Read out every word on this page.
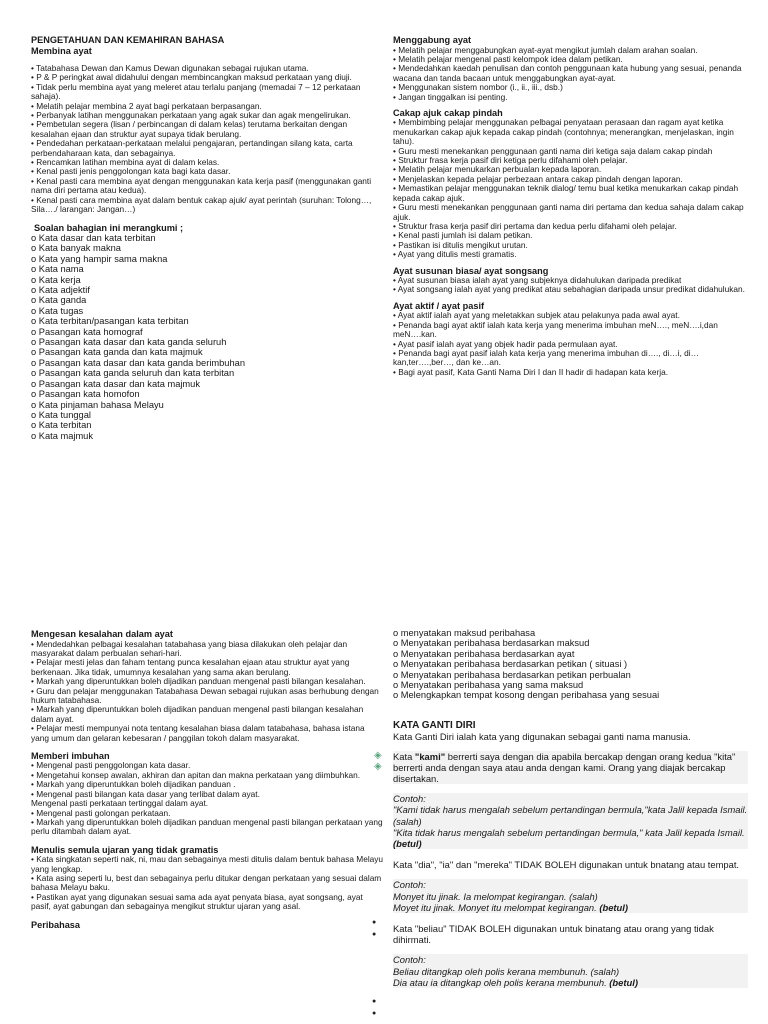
PENGETAHUAN DAN KEMAHIRAN BAHASA

Membina ayat

• Tatabahasa Dewan dan Kamus Dewan digunakan sebagai rujukan utama.
• P & P peringkat awal didahului dengan membincangkan maksud perkataan yang diuji.
• Tidak perlu membina ayat yang meleret atau terlalu panjang (memadai 7 – 12 perkataan sahaja).
• Melatih pelajar membina 2 ayat bagi perkataan berpasangan.
• Perbanyak latihan menggunakan perkataan yang agak sukar dan agak mengelirukan.
• Pembetulan segera (lisan / perbincangan di dalam kelas) terutama berkaitan dengan kesalahan ejaan dan struktur ayat supaya tidak berulang.
• Pendedahan perkataan-perkataan melalui pengajaran, pertandingan silang kata, carta perbendaharaan kata, dan sebagainya.
• Rencamkan latihan membina ayat di dalam kelas.
• Kenal pasti jenis penggolongan kata bagi kata dasar.
• Kenal pasti cara membina ayat dengan menggunakan kata kerja pasif (menggunakan ganti nama diri pertama atau kedua).
• Kenal pasti cara membina ayat dalam bentuk cakap ajuk/ ayat perintah (suruhan: Tolong…, Sila…./ larangan: Jangan…)

Soalan bahagian ini merangkumi ;

o Kata dasar dan kata terbitan
o Kata banyak makna
o Kata yang hampir sama makna
o Kata nama
o Kata kerja
o Kata adjektif
o Kata ganda
o Kata tugas
o Kata terbitan/pasangan kata terbitan
o Pasangan kata homograf
o Pasangan kata dasar dan kata ganda seluruh
o Pasangan kata ganda dan kata majmuk
o Pasangan kata dasar dan kata ganda berimbuhan
o Pasangan kata ganda seluruh dan kata terbitan
o Pasangan kata dasar dan kata majmuk
o Pasangan kata homofon
o Kata pinjaman bahasa Melayu
o Kata tunggal
o Kata terbitan
o Kata majmuk

Menggabung ayat

• Melatih pelajar menggabungkan ayat-ayat mengikut jumlah dalam arahan soalan.
• Melatih pelajar mengenal pasti kelompok idea dalam petikan.
• Mendedahkan kaedah penulisan dan contoh penggunaan kata hubung yang sesuai, penanda wacana dan tanda bacaan untuk menggabungkan ayat-ayat.
• Menggunakan sistem nombor (i., ii., iii., dsb.)
• Jangan tinggalkan isi penting.

Cakap ajuk cakap pindah

• Membimbing pelajar menggunakan pelbagai penyataan perasaan dan ragam ayat ketika menukarkan cakap ajuk kepada cakap pindah (contohnya; menerangkan, menjelaskan, ingin tahu).
• Guru mesti menekankan penggunaan ganti nama diri ketiga saja dalam cakap pindah
• Struktur frasa kerja pasif diri ketiga perlu difahami oleh pelajar.
• Melatih pelajar menukarkan perbualan kepada laporan.
• Menjelaskan kepada pelajar perbezaan antara cakap pindah dengan laporan.
• Memastikan pelajar menggunakan teknik dialog/ temu bual ketika menukarkan cakap pindah kepada cakap ajuk.
• Guru mesti menekankan penggunaan ganti nama diri pertama dan kedua sahaja dalam cakap ajuk.
• Struktur frasa kerja pasif diri pertama dan kedua perlu difahami oleh pelajar.
• Kenal pasti jumlah isi dalam petikan.
• Pastikan isi ditulis mengikut urutan.
• Ayat yang ditulis mesti gramatis.

Ayat susunan biasa/ ayat songsang

• Ayat susunan biasa ialah ayat yang subjeknya didahulukan daripada predikat
• Ayat songsang ialah ayat yang predikat atau sebahagian daripada unsur predikat didahulukan.

Ayat aktif / ayat pasif

• Ayat aktif ialah ayat yang meletakkan subjek atau pelakunya pada awal ayat.
• Penanda bagi ayat aktif ialah kata kerja yang menerima imbuhan meN…., meN….i,dan meN….kan.
• Ayat pasif ialah ayat yang objek hadir pada permulaan ayat.
• Penanda bagi ayat pasif ialah kata kerja yang menerima imbuhan di…., di…i, di…kan,ter….,ber…, dan ke…an.
• Bagi ayat pasif, Kata Ganti Nama Diri I dan II hadir di hadapan kata kerja.

Mengesan kesalahan dalam ayat

• Mendedahkan pelbagai kesalahan tatabahasa yang biasa dilakukan oleh pelajar dan masyarakat dalam perbualan sehari-hari.
• Pelajar mesti jelas dan faham tentang punca kesalahan ejaan atau struktur ayat yang berkenaan. Jika tidak, umumnya kesalahan yang sama akan berulang.
• Markah yang diperuntukkan boleh dijadikan panduan mengenal pasti bilangan kesalahan.
• Guru dan pelajar menggunakan Tatabahasa Dewan sebagai rujukan asas berhubung dengan hukum tatabahasa.
• Markah yang diperuntukkan boleh dijadikan panduan mengenal pasti bilangan kesalahan dalam ayat.
• Pelajar mesti mempunyai nota tentang kesalahan biasa dalam tatabahasa, bahasa istana yang umum dan gelaran kebesaran / panggilan tokoh dalam masyarakat.

Memberi imbuhan

• Mengenal pasti penggolongan kata dasar.
• Mengetahui konsep awalan, akhiran dan apitan dan makna perkataan yang diimbuhkan.
• Markah yang diperuntukkan boleh dijadikan panduan .
• Mengenal pasti bilangan kata dasar yang terlibat dalam ayat.
Mengenal pasti perkataan tertinggal dalam ayat.
• Mengenal pasti golongan perkataan.
• Markah yang diperuntukkan boleh dijadikan panduan mengenal pasti bilangan perkataan yang perlu ditambah dalam ayat.

Menulis semula ujaran yang tidak gramatis

• Kata singkatan seperti nak, ni, mau dan sebagainya mesti ditulis dalam bentuk bahasa Melayu yang lengkap.
• Kata asing seperti lu, best dan sebagainya perlu ditukar dengan perkataan yang sesuai dalam bahasa Melayu baku.
• Pastikan ayat yang digunakan sesuai sama ada ayat penyata biasa, ayat songsang, ayat pasif, ayat gabungan dan sebagainya mengikut struktur ujaran yang asal.

Peribahasa

o menyatakan maksud peribahasa
o Menyatakan peribahasa berdasarkan maksud
o Menyatakan peribahasa berdasarkan ayat
o Menyatakan peribahasa berdasarkan petikan ( situasi )
o Menyatakan peribahasa berdasarkan petikan perbualan
o Menyatakan peribahasa yang sama maksud
o Melengkapkan tempat kosong dengan peribahasa yang sesuai

KATA GANTI DIRI

Kata Ganti Diri ialah kata yang digunakan sebagai ganti nama manusia.
Kata "kami" berrerti saya dengan dia apabila bercakap dengan orang kedua "kita" berrerti anda dengan saya atau anda dengan kami. Orang yang diajak bercakap disertakan.
Contoh:
"Kami tidak harus mengalah sebelum pertandingan bermula,"kata Jalil kepada Ismail. (salah)
"Kita tidak harus mengalah sebelum pertandingan bermula," kata Jalil kepada Ismail. (betul)
Kata "dia", "ia" dan "mereka" TIDAK BOLEH digunakan untuk bnatang atau tempat.
Contoh:
Monyet itu jinak. Ia melompat kegirangan. (salah)
Moyet itu jinak. Monyet itu melompat kegirangan. (betul)
Kata "beliau" TIDAK BOLEH digunakan untuk binatang atau orang yang tidak dihirmati.
Contoh:
Beliau ditangkap oleh polis kerana membunuh. (salah)
Dia atau ia ditangkap oleh polis kerana membunuh. (betul)
◈
◈
●
●
●
●
